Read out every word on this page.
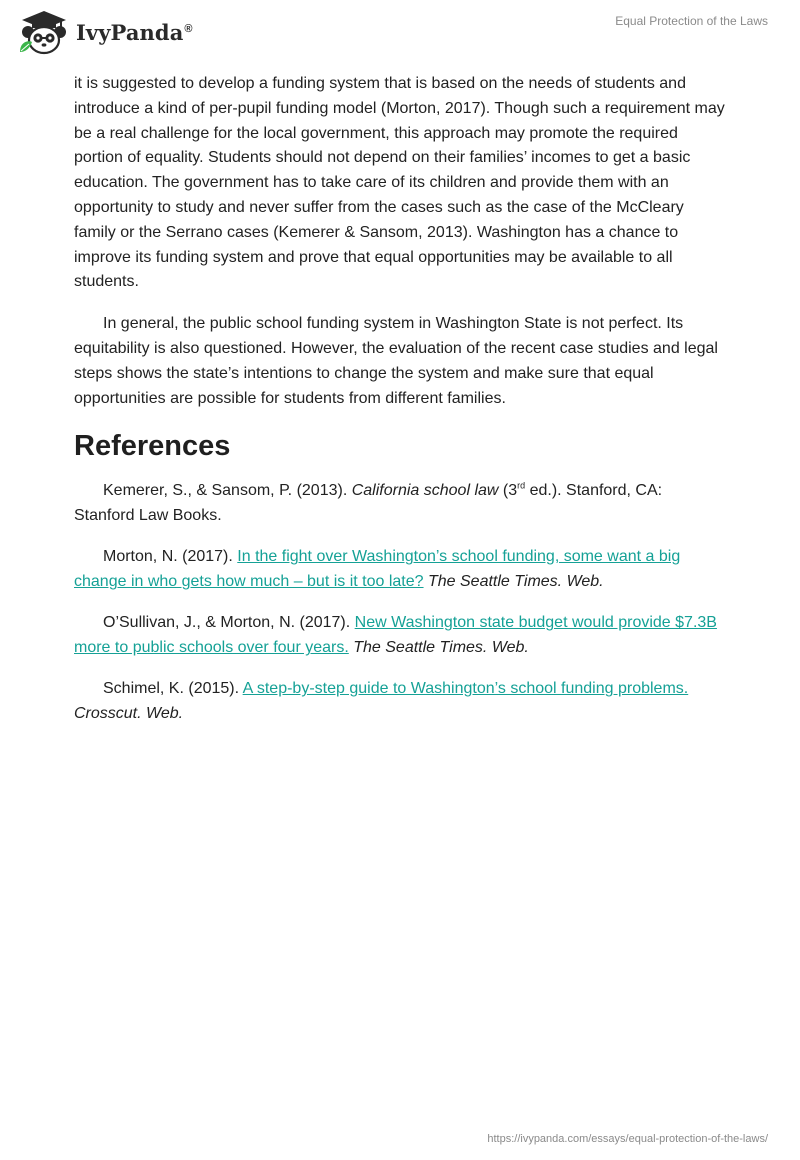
IvyPanda®
Equal Protection of the Laws

it is suggested to develop a funding system that is based on the needs of students and introduce a kind of per-pupil funding model (Morton, 2017). Though such a requirement may be a real challenge for the local government, this approach may promote the required portion of equality. Students should not depend on their families’ incomes to get a basic education. The government has to take care of its children and provide them with an opportunity to study and never suffer from the cases such as the case of the McCleary family or the Serrano cases (Kemerer & Sansom, 2013). Washington has a chance to improve its funding system and prove that equal opportunities may be available to all students.

In general, the public school funding system in Washington State is not perfect. Its equitability is also questioned. However, the evaluation of the recent case studies and legal steps shows the state’s intentions to change the system and make sure that equal opportunities are possible for students from different families.

References

Kemerer, S., & Sansom, P. (2013). California school law (3rd ed.). Stanford, CA: Stanford Law Books.

Morton, N. (2017). In the fight over Washington’s school funding, some want a big change in who gets how much – but is it too late? The Seattle Times. Web.

O’Sullivan, J., & Morton, N. (2017). New Washington state budget would provide $7.3B more to public schools over four years. The Seattle Times. Web.

Schimel, K. (2015). A step-by-step guide to Washington’s school funding problems. Crosscut. Web.

https://ivypanda.com/essays/equal-protection-of-the-laws/
